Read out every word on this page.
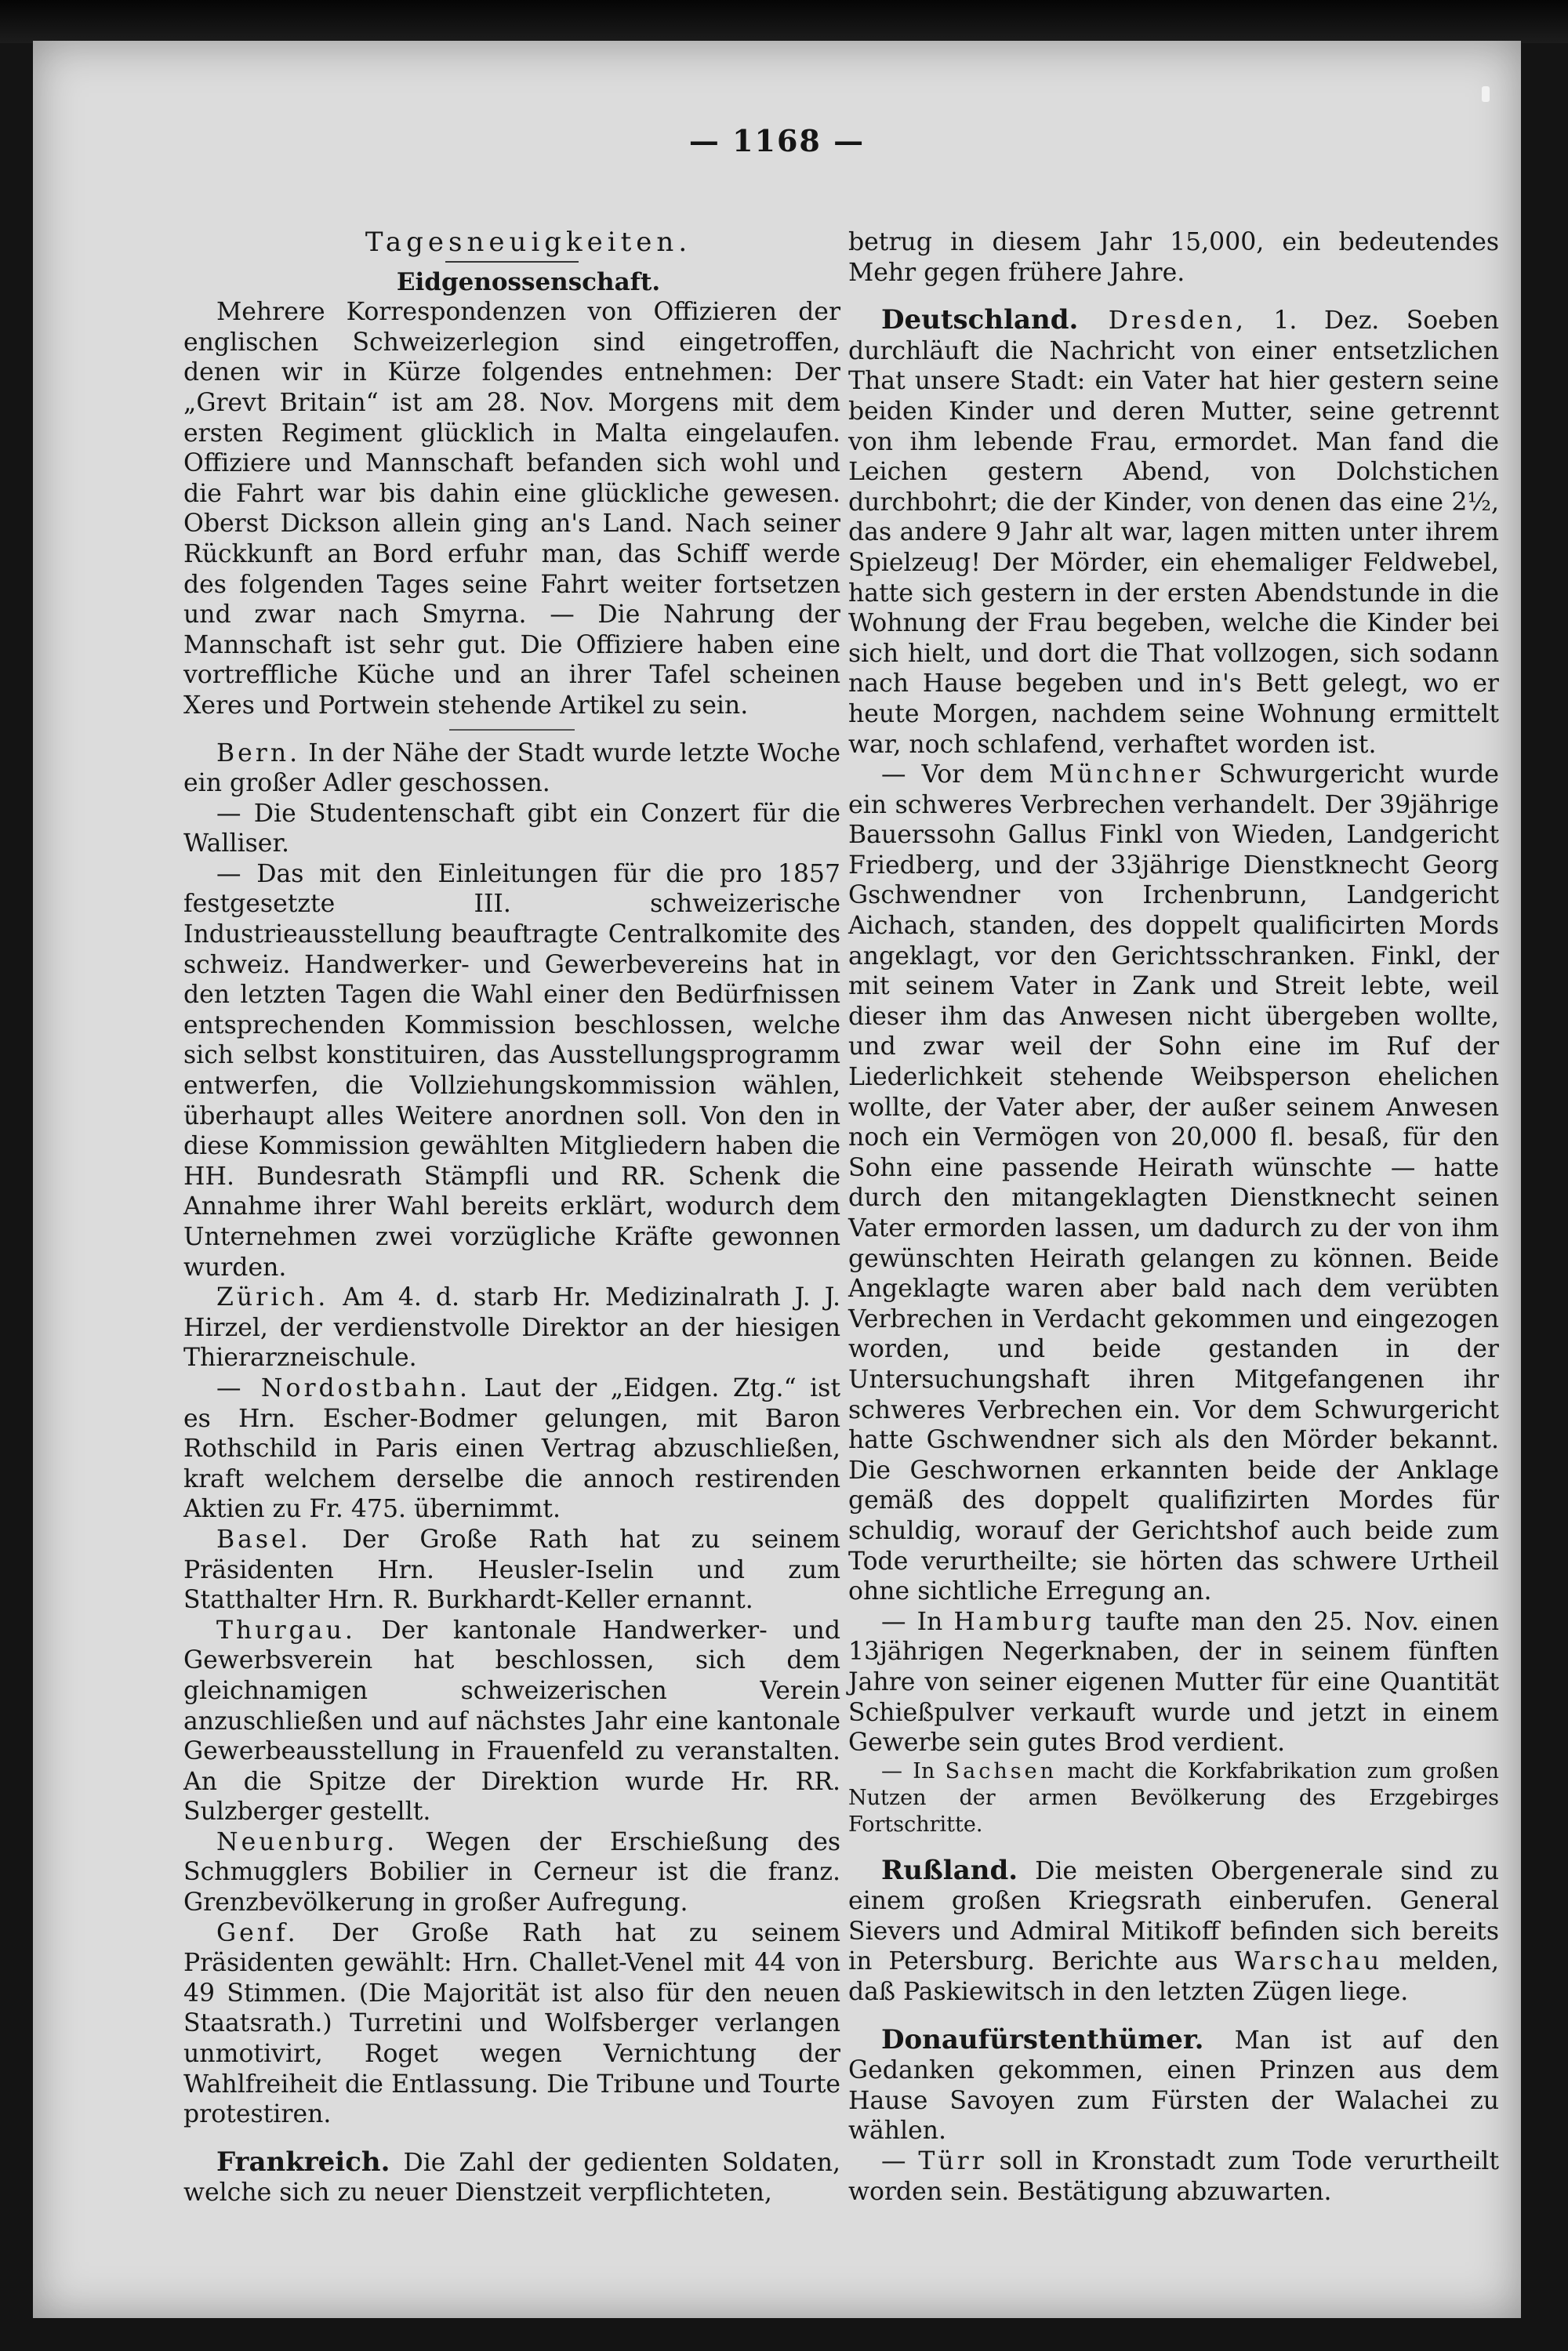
— 1168 —

Tagesneuigkeiten.

Eidgenossenschaft.

Mehrere Korrespondenzen von Offizieren der englischen Schweizerlegion sind eingetroffen, denen wir in Kürze folgendes entnehmen: Der „Grevt Britain“ ist am 28. Nov. Morgens mit dem ersten Regiment glücklich in Malta eingelaufen. Offiziere und Mannschaft befanden sich wohl und die Fahrt war bis dahin eine glückliche gewesen. Oberst Dickson allein ging an's Land. Nach seiner Rückkunft an Bord erfuhr man, das Schiff werde des folgenden Tages seine Fahrt weiter fortsetzen und zwar nach Smyrna. — Die Nahrung der Mannschaft ist sehr gut. Die Offiziere haben eine vortreffliche Küche und an ihrer Tafel scheinen Xeres und Portwein stehende Artikel zu sein.

Bern. In der Nähe der Stadt wurde letzte Woche ein großer Adler geschossen.

— Die Studentenschaft gibt ein Conzert für die Walliser.

— Das mit den Einleitungen für die pro 1857 festgesetzte III. schweizerische Industrieausstellung beauftragte Centralkomite des schweiz. Handwerker- und Gewerbevereins hat in den letzten Tagen die Wahl einer den Bedürfnissen entsprechenden Kommission beschlossen, welche sich selbst konstituiren, das Ausstellungsprogramm entwerfen, die Vollziehungskommission wählen, überhaupt alles Weitere anordnen soll. Von den in diese Kommission gewählten Mitgliedern haben die HH. Bundesrath Stämpfli und RR. Schenk die Annahme ihrer Wahl bereits erklärt, wodurch dem Unternehmen zwei vorzügliche Kräfte gewonnen wurden.

Zürich. Am 4. d. starb Hr. Medizinalrath J. J. Hirzel, der verdienstvolle Direktor an der hiesigen Thierarzneischule.

— Nordostbahn. Laut der „Eidgen. Ztg.“ ist es Hrn. Escher-Bodmer gelungen, mit Baron Rothschild in Paris einen Vertrag abzuschließen, kraft welchem derselbe die annoch restirenden Aktien zu Fr. 475. übernimmt.

Basel. Der Große Rath hat zu seinem Präsidenten Hrn. Heusler-Iselin und zum Statthalter Hrn. R. Burkhardt-Keller ernannt.

Thurgau. Der kantonale Handwerker- und Gewerbsverein hat beschlossen, sich dem gleichnamigen schweizerischen Verein anzuschließen und auf nächstes Jahr eine kantonale Gewerbeausstellung in Frauenfeld zu veranstalten. An die Spitze der Direktion wurde Hr. RR. Sulzberger gestellt.

Neuenburg. Wegen der Erschießung des Schmugglers Bobilier in Cerneur ist die franz. Grenzbevölkerung in großer Aufregung.

Genf. Der Große Rath hat zu seinem Präsidenten gewählt: Hrn. Challet-Venel mit 44 von 49 Stimmen. (Die Majorität ist also für den neuen Staatsrath.) Turretini und Wolfsberger verlangen unmotivirt, Roget wegen Vernichtung der Wahlfreiheit die Entlassung. Die Tribune und Tourte protestiren.

Frankreich. Die Zahl der gedienten Soldaten, welche sich zu neuer Dienstzeit verpflichteten,

betrug in diesem Jahr 15,000, ein bedeutendes Mehr gegen frühere Jahre.

Deutschland. Dresden, 1. Dez. Soeben durchläuft die Nachricht von einer entsetzlichen That unsere Stadt: ein Vater hat hier gestern seine beiden Kinder und deren Mutter, seine getrennt von ihm lebende Frau, ermordet. Man fand die Leichen gestern Abend, von Dolchstichen durchbohrt; die der Kinder, von denen das eine 2½, das andere 9 Jahr alt war, lagen mitten unter ihrem Spielzeug! Der Mörder, ein ehemaliger Feldwebel, hatte sich gestern in der ersten Abendstunde in die Wohnung der Frau begeben, welche die Kinder bei sich hielt, und dort die That vollzogen, sich sodann nach Hause begeben und in's Bett gelegt, wo er heute Morgen, nachdem seine Wohnung ermittelt war, noch schlafend, verhaftet worden ist.

— Vor dem Münchner Schwurgericht wurde ein schweres Verbrechen verhandelt. Der 39jährige Bauerssohn Gallus Finkl von Wieden, Landgericht Friedberg, und der 33jährige Dienstknecht Georg Gschwendner von Irchenbrunn, Landgericht Aichach, standen, des doppelt qualificirten Mords angeklagt, vor den Gerichtsschranken. Finkl, der mit seinem Vater in Zank und Streit lebte, weil dieser ihm das Anwesen nicht übergeben wollte, und zwar weil der Sohn eine im Ruf der Liederlichkeit stehende Weibsperson ehelichen wollte, der Vater aber, der außer seinem Anwesen noch ein Vermögen von 20,000 fl. besaß, für den Sohn eine passende Heirath wünschte — hatte durch den mitangeklagten Dienstknecht seinen Vater ermorden lassen, um dadurch zu der von ihm gewünschten Heirath gelangen zu können. Beide Angeklagte waren aber bald nach dem verübten Verbrechen in Verdacht gekommen und eingezogen worden, und beide gestanden in der Untersuchungshaft ihren Mitgefangenen ihr schweres Verbrechen ein. Vor dem Schwurgericht hatte Gschwendner sich als den Mörder bekannt. Die Geschwornen erkannten beide der Anklage gemäß des doppelt qualifizirten Mordes für schuldig, worauf der Gerichtshof auch beide zum Tode verurtheilte; sie hörten das schwere Urtheil ohne sichtliche Erregung an.

— In Hamburg taufte man den 25. Nov. einen 13jährigen Negerknaben, der in seinem fünften Jahre von seiner eigenen Mutter für eine Quantität Schießpulver verkauft wurde und jetzt in einem Gewerbe sein gutes Brod verdient.

— In Sachsen macht die Korkfabrikation zum großen Nutzen der armen Bevölkerung des Erzgebirges Fortschritte.

Rußland. Die meisten Obergenerale sind zu einem großen Kriegsrath einberufen. General Sievers und Admiral Mitikoff befinden sich bereits in Petersburg. Berichte aus Warschau melden, daß Paskiewitsch in den letzten Zügen liege.

Donaufürstenthümer. Man ist auf den Gedanken gekommen, einen Prinzen aus dem Hause Savoyen zum Fürsten der Walachei zu wählen.

— Türr soll in Kronstadt zum Tode verurtheilt worden sein. Bestätigung abzuwarten.
